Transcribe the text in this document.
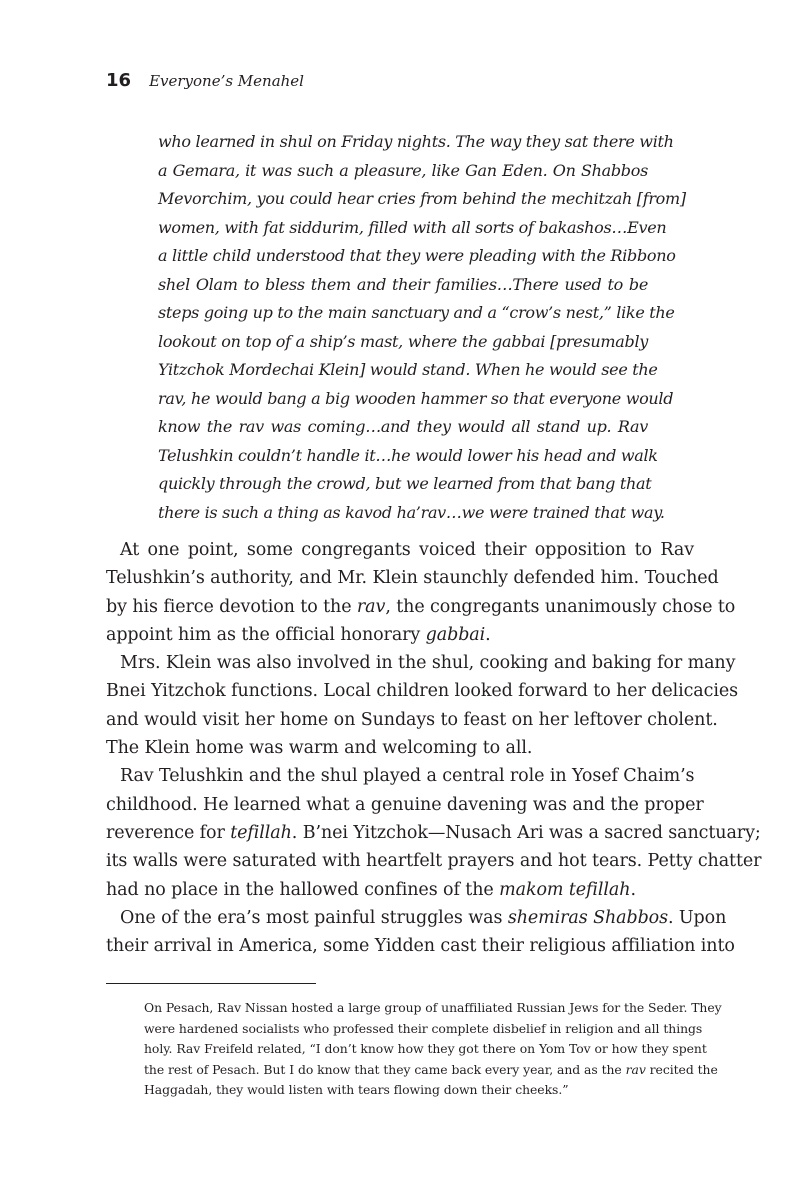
16 Everyone’s Menahel
who learned in shul on Friday nights. The way they sat there with
a Gemara, it was such a pleasure, like Gan Eden. On Shabbos
Mevorchim, you could hear cries from behind the mechitzah [from]
women, with fat siddurim, filled with all sorts of bakashos…Even
a little child understood that they were pleading with the Ribbono
shel Olam to bless them and their families…There used to be
steps going up to the main sanctuary and a “crow’s nest,” like the
lookout on top of a ship’s mast, where the gabbai [presumably
Yitzchok Mordechai Klein] would stand. When he would see the
rav, he would bang a big wooden hammer so that everyone would
know the rav was coming…and they would all stand up. Rav
Telushkin couldn’t handle it…he would lower his head and walk
quickly through the crowd, but we learned from that bang that
there is such a thing as kavod ha’rav…we were trained that way.
At one point, some congregants voiced their opposition to Rav
Telushkin’s authority, and Mr. Klein staunchly defended him. Touched
by his fierce devotion to the rav, the congregants unanimously chose to
appoint him as the official honorary gabbai.
Mrs. Klein was also involved in the shul, cooking and baking for many
Bnei Yitzchok functions. Local children looked forward to her delicacies
and would visit her home on Sundays to feast on her leftover cholent.
The Klein home was warm and welcoming to all.
Rav Telushkin and the shul played a central role in Yosef Chaim’s
childhood. He learned what a genuine davening was and the proper
reverence for tefillah. B’nei Yitzchok—Nusach Ari was a sacred sanctuary;
its walls were saturated with heartfelt prayers and hot tears. Petty chatter
had no place in the hallowed confines of the makom tefillah.
One of the era’s most painful struggles was shemiras Shabbos. Upon
their arrival in America, some Yidden cast their religious affiliation into
On Pesach, Rav Nissan hosted a large group of unaffiliated Russian Jews for the Seder. They
were hardened socialists who professed their complete disbelief in religion and all things
holy. Rav Freifeld related, “I don’t know how they got there on Yom Tov or how they spent
the rest of Pesach. But I do know that they came back every year, and as the rav recited the
Haggadah, they would listen with tears flowing down their cheeks.”
